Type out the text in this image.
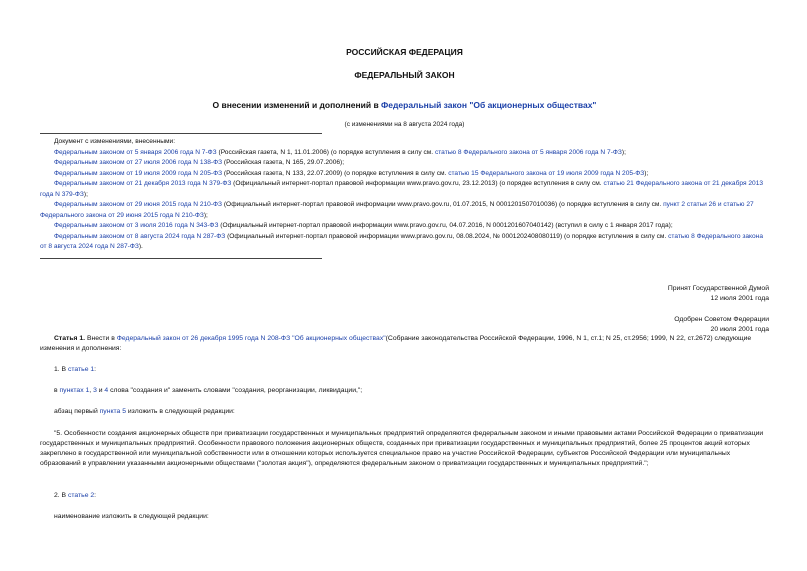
РОССИЙСКАЯ ФЕДЕРАЦИЯ
ФЕДЕРАЛЬНЫЙ ЗАКОН
О внесении изменений и дополнений в Федеральный закон "Об акционерных обществах"
(с изменениями на 8 августа 2024 года)
Документ с изменениями, внесенными:
Федеральным законом от 5 января 2006 года N 7-ФЗ (Российская газета, N 1, 11.01.2006) (о порядке вступления в силу см. статью 8 Федерального закона от 5 января 2006 года N 7-ФЗ);
Федеральным законом от 27 июля 2006 года N 138-ФЗ (Российская газета, N 165, 29.07.2006);
Федеральным законом от 19 июля 2009 года N 205-ФЗ (Российская газета, N 133, 22.07.2009) (о порядке вступления в силу см. статью 15 Федерального закона от 19 июля 2009 года N 205-ФЗ);
Федеральным законом от 21 декабря 2013 года N 379-ФЗ (Официальный интернет-портал правовой информации www.pravo.gov.ru, 23.12.2013) (о порядке вступления в силу см. статью 21 Федерального закона от 21 декабря 2013 года N 379-ФЗ);
Федеральным законом от 29 июня 2015 года N 210-ФЗ (Официальный интернет-портал правовой информации www.pravo.gov.ru, 01.07.2015, N 0001201507010036) (о порядке вступления в силу см. пункт 2 статьи 26 и статью 27 Федерального закона от 29 июня 2015 года N 210-ФЗ);
Федеральным законом от 3 июля 2016 года N 343-ФЗ (Официальный интернет-портал правовой информации www.pravo.gov.ru, 04.07.2016, N 0001201607040142) (вступил в силу с 1 января 2017 года);
Федеральным законом от 8 августа 2024 года N 287-ФЗ (Официальный интернет-портал правовой информации www.pravo.gov.ru, 08.08.2024, № 0001202408080119) (о порядке вступления в силу см. статью 8 Федерального закона от 8 августа 2024 года N 287-ФЗ).
Принят Государственной Думой
12 июля 2001 года
Одобрен Советом Федерации
20 июля 2001 года
Статья 1. Внести в Федеральный закон от 26 декабря 1995 года N 208-ФЗ "Об акционерных обществах"(Собрание законодательства Российской Федерации, 1996, N 1, ст.1; N 25, ст.2956; 1999, N 22, ст.2672) следующие изменения и дополнения:
1. В статье 1:
в пунктах 1, 3 и 4 слова "создания и" заменить словами "создания, реорганизации, ликвидации,";
абзац первый пункта 5 изложить в следующей редакции:
"5. Особенности создания акционерных обществ при приватизации государственных и муниципальных предприятий определяются федеральным законом и иными правовыми актами Российской Федерации о приватизации государственных и муниципальных предприятий. Особенности правового положения акционерных обществ, созданных при приватизации государственных и муниципальных предприятий, более 25 процентов акций которых закреплено в государственной или муниципальной собственности или в отношении которых используется специальное право на участие Российской Федерации, субъектов Российской Федерации или муниципальных образований в управлении указанными акционерными обществами ("золотая акция"), определяются федеральным законом о приватизации государственных и муниципальных предприятий.";
2. В статье 2:
наименование изложить в следующей редакции:
